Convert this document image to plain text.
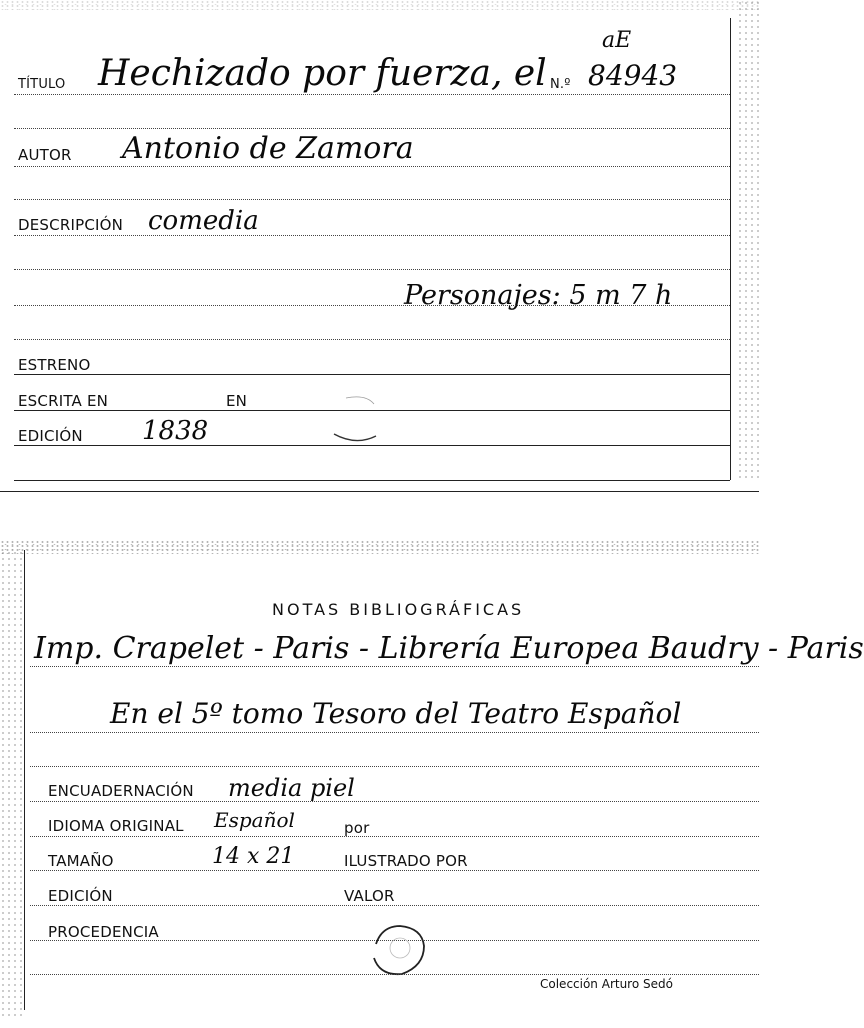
aE
TÍTULO Hechizado por fuerza, el N.º 84943
AUTOR Antonio de Zamora
DESCRIPCIÓN comedia
Personajes: 5 m 7 h
ESTRENO
ESCRITA EN	EN
EDICIÓN 1838
NOTAS BIBLIOGRÁFICAS
Imp. Crapelet - Paris - Librería Europea Baudry - Paris
En el 5º tomo Tesoro del Teatro Español
ENCUADERNACIÓN media piel
IDIOMA ORIGINAL Español	por
TAMAÑO	14 x 21	ILUSTRADO POR
EDICIÓN	VALOR
PROCEDENCIA
Colección Arturo Sedó
